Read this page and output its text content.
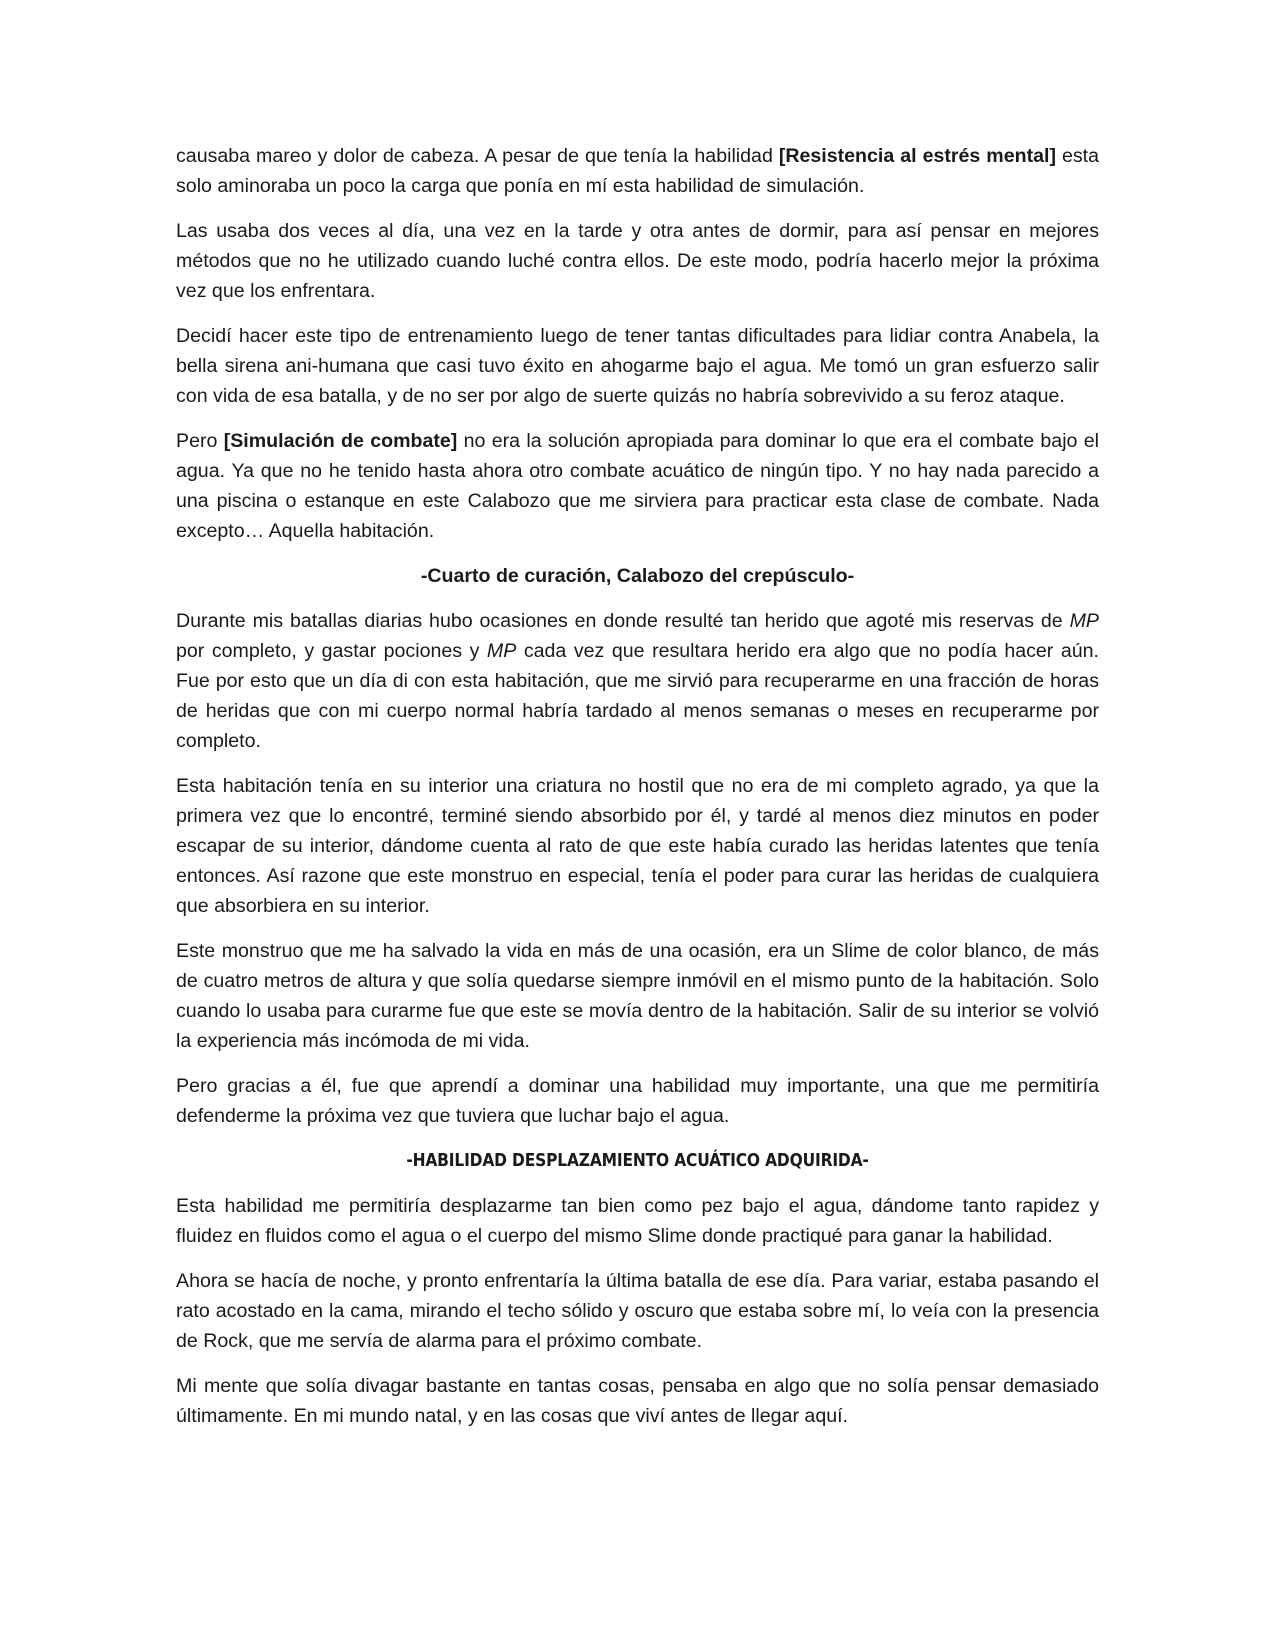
causaba mareo y dolor de cabeza. A pesar de que tenía la habilidad [Resistencia al estrés mental] esta solo aminoraba un poco la carga que ponía en mí esta habilidad de simulación.

Las usaba dos veces al día, una vez en la tarde y otra antes de dormir, para así pensar en mejores métodos que no he utilizado cuando luché contra ellos. De este modo, podría hacerlo mejor la próxima vez que los enfrentara.

Decidí hacer este tipo de entrenamiento luego de tener tantas dificultades para lidiar contra Anabela, la bella sirena ani-humana que casi tuvo éxito en ahogarme bajo el agua. Me tomó un gran esfuerzo salir con vida de esa batalla, y de no ser por algo de suerte quizás no habría sobrevivido a su feroz ataque.

Pero [Simulación de combate] no era la solución apropiada para dominar lo que era el combate bajo el agua. Ya que no he tenido hasta ahora otro combate acuático de ningún tipo. Y no hay nada parecido a una piscina o estanque en este Calabozo que me sirviera para practicar esta clase de combate. Nada excepto… Aquella habitación.

-Cuarto de curación, Calabozo del crepúsculo-

Durante mis batallas diarias hubo ocasiones en donde resulté tan herido que agoté mis reservas de MP por completo, y gastar pociones y MP cada vez que resultara herido era algo que no podía hacer aún. Fue por esto que un día di con esta habitación, que me sirvió para recuperarme en una fracción de horas de heridas que con mi cuerpo normal habría tardado al menos semanas o meses en recuperarme por completo.

Esta habitación tenía en su interior una criatura no hostil que no era de mi completo agrado, ya que la primera vez que lo encontré, terminé siendo absorbido por él, y tardé al menos diez minutos en poder escapar de su interior, dándome cuenta al rato de que este había curado las heridas latentes que tenía entonces. Así razone que este monstruo en especial, tenía el poder para curar las heridas de cualquiera que absorbiera en su interior.

Este monstruo que me ha salvado la vida en más de una ocasión, era un Slime de color blanco, de más de cuatro metros de altura y que solía quedarse siempre inmóvil en el mismo punto de la habitación. Solo cuando lo usaba para curarme fue que este se movía dentro de la habitación. Salir de su interior se volvió la experiencia más incómoda de mi vida.

Pero gracias a él, fue que aprendí a dominar una habilidad muy importante, una que me permitiría defenderme la próxima vez que tuviera que luchar bajo el agua.

-HABILIDAD DESPLAZAMIENTO ACUÁTICO ADQUIRIDA-

Esta habilidad me permitiría desplazarme tan bien como pez bajo el agua, dándome tanto rapidez y fluidez en fluidos como el agua o el cuerpo del mismo Slime donde practiqué para ganar la habilidad.

Ahora se hacía de noche, y pronto enfrentaría la última batalla de ese día. Para variar, estaba pasando el rato acostado en la cama, mirando el techo sólido y oscuro que estaba sobre mí, lo veía con la presencia de Rock, que me servía de alarma para el próximo combate.

Mi mente que solía divagar bastante en tantas cosas, pensaba en algo que no solía pensar demasiado últimamente. En mi mundo natal, y en las cosas que viví antes de llegar aquí.
